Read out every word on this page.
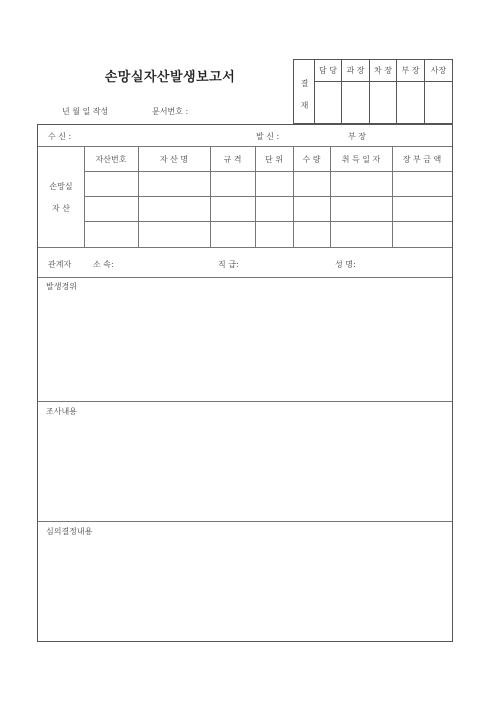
손망실자산발생보고서
년 월 일 작성	문서번호 :
결
재
담 당	과 장	차 장	부 장	사장
수 신 :	발 신 :	부 장
손망실
자 산
자산번호	자 산 명	규 격	단 위	수 량	취 득 일 자	장 부 금 액
관계자	소 속:	직 급:	성 명:
발생경위
조사내용
심의결정내용
